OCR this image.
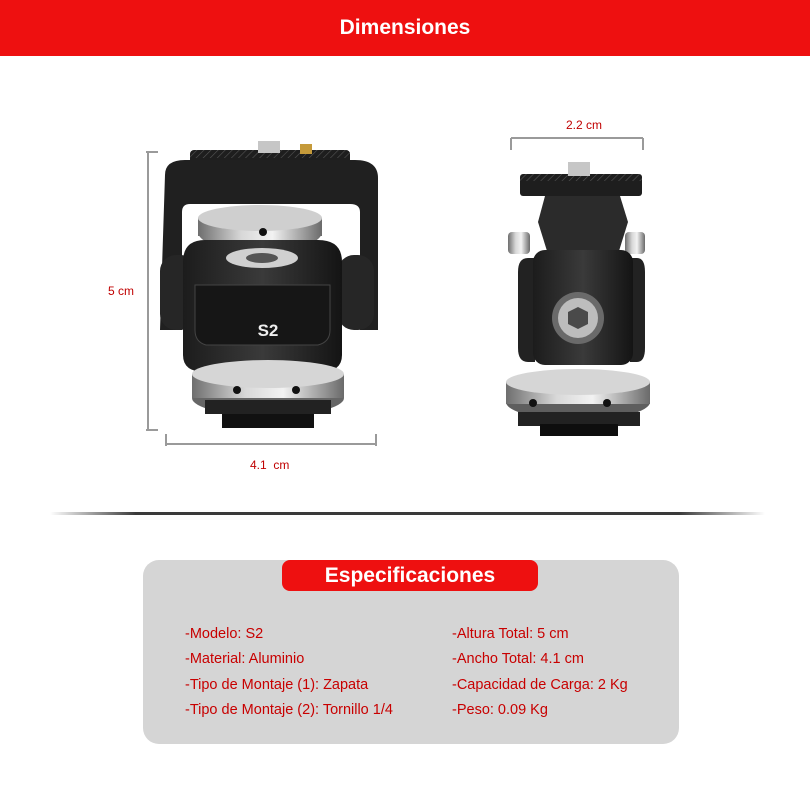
Dimensiones
S2
5 cm
4.1  cm
2.2 cm
Especificaciones
-Modelo: S2
-Material: Aluminio
-Tipo de Montaje (1): Zapata
-Tipo de Montaje (2): Tornillo 1/4
-Altura Total: 5 cm
-Ancho Total: 4.1 cm
-Capacidad de Carga: 2 Kg
-Peso: 0.09 Kg
